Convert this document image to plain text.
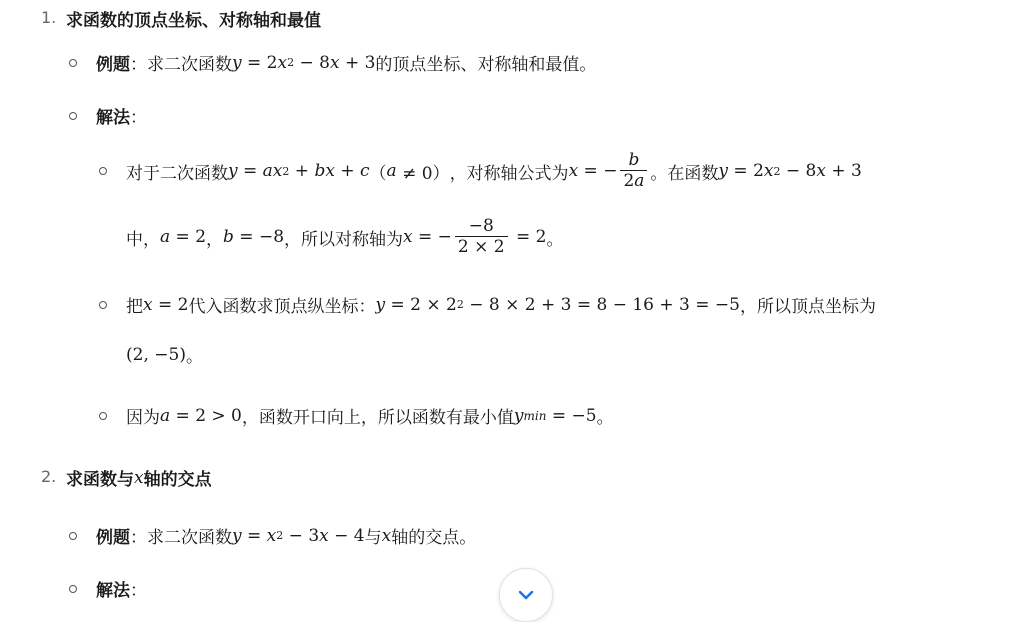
1. 求函数的顶点坐标、对称轴和最值
例题 ：求二次函数 y = 2 x 2 − 8 x + 3 的顶点坐标、对称轴和最值。
解法 ：
对于二次函数 y = ax 2 + bx + c （ a ≠ 0） ，对称轴公式为 x = − $\frac{b}{2a}$ 。在函数 y = 2 x 2 − 8 x + 3
中， a = 2 ， b = −8 ，所以对称轴为 x = − $\frac{-8}{2 \times 2} = 2$ 。
把 x = 2 代入函数求顶点纵坐标： y = 2 × 2 2 − 8 × 2 + 3 = 8 − 16 + 3 = −5 ，所以顶点坐标为
(2, −5) 。
因为 a = 2 > 0 ，函数开口向上，所以函数有最小值 y min = −5 。
2. 求函数与 x 轴的交点
例题 ：求二次函数 y = x 2 − 3 x − 4 与 x 轴的交点。
解法 ：
